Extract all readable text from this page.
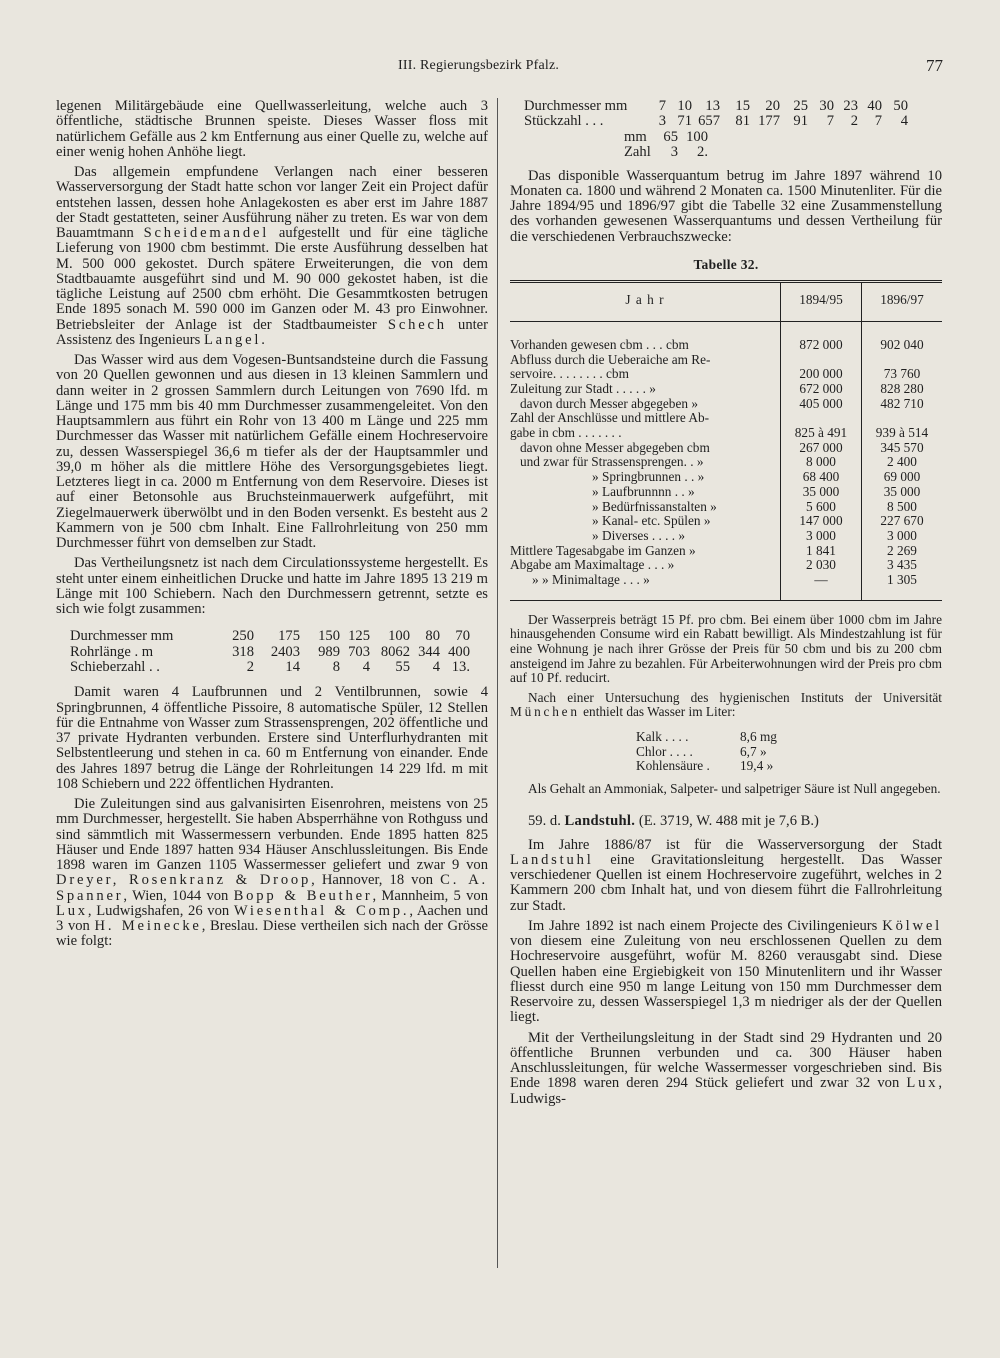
III. Regierungsbezirk Pfalz.	77

legenen Militärgebäude eine Quellwasserleitung, welche auch 3 öffentliche, städtische Brunnen speiste. Dieses Wasser floss mit natürlichem Gefälle aus 2 km Entfernung aus einer Quelle zu, welche auf einer wenig hohen Anhöhe liegt.

Das allgemein empfundene Verlangen nach einer besseren Wasserversorgung der Stadt hatte schon vor langer Zeit ein Project dafür entstehen lassen, dessen hohe Anlagekosten es aber erst im Jahre 1887 der Stadt gestatteten, seiner Ausführung näher zu treten. Es war von dem Bauamtmann Scheidemandel aufgestellt und für eine tägliche Lieferung von 1900 cbm bestimmt. Die erste Ausführung desselben hat M. 500 000 gekostet. Durch spätere Erweiterungen, die von dem Stadtbauamte ausgeführt sind und M. 90 000 gekostet haben, ist die tägliche Leistung auf 2500 cbm erhöht. Die Gesammtkosten betrugen Ende 1895 sonach M. 590 000 im Ganzen oder M. 43 pro Einwohner. Betriebsleiter der Anlage ist der Stadtbaumeister Schech unter Assistenz des Ingenieurs Langel.

Das Wasser wird aus dem Vogesen-Buntsandsteine durch die Fassung von 20 Quellen gewonnen und aus diesen in 13 kleinen Sammlern und dann weiter in 2 grossen Sammlern durch Leitungen von 7690 lfd. m Länge und 175 mm bis 40 mm Durchmesser zusammengeleitet. Von den Hauptsammlern aus führt ein Rohr von 13 400 m Länge und 225 mm Durchmesser das Wasser mit natürlichem Gefälle einem Hochreservoire zu, dessen Wasserspiegel 36,6 m tiefer als der der Hauptsammler und 39,0 m höher als die mittlere Höhe des Versorgungsgebietes liegt. Letzteres liegt in ca. 2000 m Entfernung von dem Reservoire. Dieses ist auf einer Betonsohle aus Bruchsteinmauerwerk aufgeführt, mit Ziegelmauerwerk überwölbt und in den Boden versenkt. Es besteht aus 2 Kammern von je 500 cbm Inhalt. Eine Fallrohrleitung von 250 mm Durchmesser führt von demselben zur Stadt.

Das Vertheilungsnetz ist nach dem Circulationssysteme hergestellt. Es steht unter einem einheitlichen Drucke und hatte im Jahre 1895 13 219 m Länge mit 100 Schiebern. Nach den Durchmessern getrennt, setzte es sich wie folgt zusammen:

Durchmesser mm	250	175	150 125	100	80	70
Rohrlänge . m	318	2403	989 703 8062 344 400
Schieberzahl . .	2	14	8	4	55	4 13.

Damit waren 4 Laufbrunnen und 2 Ventilbrunnen, sowie 4 Springbrunnen, 4 öffentliche Pissoire, 8 automatische Spüler, 12 Stellen für die Entnahme von Wasser zum Strassensprengen, 202 öffentliche und 37 private Hydranten verbunden. Erstere sind Unterflurhydranten mit Selbstentleerung und stehen in ca. 60 m Entfernung von einander. Ende des Jahres 1897 betrug die Länge der Rohrleitungen 14 229 lfd. m mit 108 Schiebern und 222 öffentlichen Hydranten.

Die Zuleitungen sind aus galvanisirten Eisenrohren, meistens von 25 mm Durchmesser, hergestellt. Sie haben Absperrhähne von Rothguss und sind sämmtlich mit Wassermessern verbunden. Ende 1895 hatten 825 Häuser und Ende 1897 hatten 934 Häuser Anschlussleitungen. Bis Ende 1898 waren im Ganzen 1105 Wassermesser geliefert und zwar 9 von Dreyer, Rosenkranz & Droop, Hannover, 18 von C. A. Spanner, Wien, 1044 von Bopp & Beuther, Mannheim, 5 von Lux, Ludwigshafen, 26 von Wiesenthal & Comp., Aachen und 3 von H. Meinecke, Breslau. Diese vertheilen sich nach der Grösse wie folgt:

Durchmesser mm	7 10 13	15	20 25 30 23 40 50
Stückzahl . . .	3 71 657	81 177 91	7	2	7	4
mm	65 100
Zahl	3	2.

Das disponible Wasserquantum betrug im Jahre 1897 während 10 Monaten ca. 1800 und während 2 Monaten ca. 1500 Minutenliter. Für die Jahre 1894/95 und 1896/97 gibt die Tabelle 32 eine Zusammenstellung des vorhanden gewesenen Wasserquantums und dessen Vertheilung für die verschiedenen Verbrauchszwecke:

Tabelle 32.
J a h r	1894/95	1896/97
Vorhanden gewesen cbm . . . cbm	872 000	902 040
Abfluss durch die Ueberaiche am Re-		
servoire. . . . . . . . cbm	200 000	73 760
Zuleitung zur Stadt . . . . . »	672 000	828 280
davon durch Messer abgegeben »	405 000	482 710
Zahl der Anschlüsse und mittlere Ab-		
gabe in cbm . . . . . . .	825 à 491	939 à 514
davon ohne Messer abgegeben cbm	267 000	345 570
und zwar für Strassensprengen. . »	8 000	2 400
» Springbrunnen . . »	68 400	69 000
» Laufbrunnnn . . »	35 000	35 000
» Bedürfnissanstalten »	5 600	8 500
» Kanal- etc. Spülen »	147 000	227 670
» Diverses . . . . »	3 000	3 000
Mittlere Tagesabgabe im Ganzen »	1 841	2 269
Abgabe am Maximaltage . . . »	2 030	3 435
» » Minimaltage . . . »	—	1 305

Der Wasserpreis beträgt 15 Pf. pro cbm. Bei einem über 1000 cbm im Jahre hinausgehenden Consume wird ein Rabatt bewilligt. Als Mindestzahlung ist für eine Wohnung je nach ihrer Grösse der Preis für 50 cbm und bis zu 200 cbm ansteigend im Jahre zu bezahlen. Für Arbeiterwohnungen wird der Preis pro cbm auf 10 Pf. reducirt.

Nach einer Untersuchung des hygienischen Instituts der Universität München enthielt das Wasser im Liter:

Kalk . . . .	8,6 mg
Chlor . . . .	6,7 »
Kohlensäure . 19,4 »

Als Gehalt an Ammoniak, Salpeter- und salpetriger Säure ist Null angegeben.

59. d. Landstuhl. (E. 3719, W. 488 mit je 7,6 B.)

Im Jahre 1886/87 ist für die Wasserversorgung der Stadt Landstuhl eine Gravitationsleitung hergestellt. Das Wasser verschiedener Quellen ist einem Hochreservoire zugeführt, welches in 2 Kammern 200 cbm Inhalt hat, und von diesem führt die Fallrohrleitung zur Stadt.

Im Jahre 1892 ist nach einem Projecte des Civilingenieurs Kölwel von diesem eine Zuleitung von neu erschlossenen Quellen zu dem Hochreservoire ausgeführt, wofür M. 8260 verausgabt sind. Diese Quellen haben eine Ergiebigkeit von 150 Minutenlitern und ihr Wasser fliesst durch eine 950 m lange Leitung von 150 mm Durchmesser dem Reservoire zu, dessen Wasserspiegel 1,3 m niedriger als der der Quellen liegt.

Mit der Vertheilungsleitung in der Stadt sind 29 Hydranten und 20 öffentliche Brunnen verbunden und ca. 300 Häuser haben Anschlussleitungen, für welche Wassermesser vorgeschrieben sind. Bis Ende 1898 waren deren 294 Stück geliefert und zwar 32 von Lux, Ludwigs-
